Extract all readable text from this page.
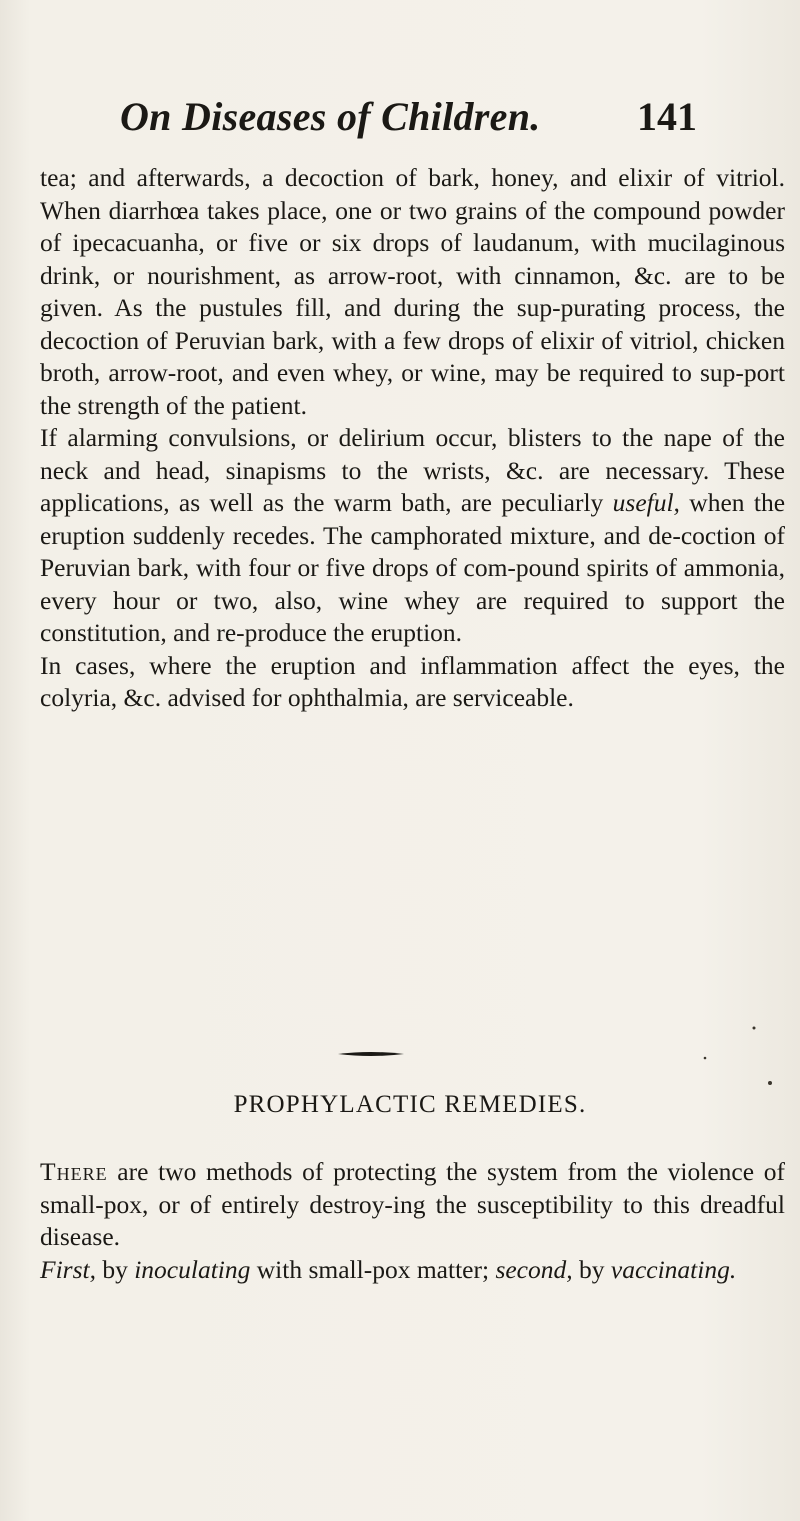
On Diseases of Children. 141

tea; and afterwards, a decoction of bark, honey, and elixir of vitriol. When diarrhœa takes place, one or two grains of the compound powder of ipecacuanha, or five or six drops of laudanum, with mucilaginous drink, or nourishment, as arrow-root, with cinnamon, &c. are to be given. As the pustules fill, and during the sup-purating process, the decoction of Peruvian bark, with a few drops of elixir of vitriol, chicken broth, arrow-root, and even whey, or wine, may be required to sup-port the strength of the patient.

If alarming convulsions, or delirium occur, blisters to the nape of the neck and head, sinapisms to the wrists, &c. are necessary. These applications, as well as the warm bath, are peculiarly useful, when the eruption suddenly recedes. The camphorated mixture, and de-coction of Peruvian bark, with four or five drops of com-pound spirits of ammonia, every hour or two, also, wine whey are required to support the constitution, and re-produce the eruption.

In cases, where the eruption and inflammation affect the eyes, the colyria, &c. advised for ophthalmia, are serviceable.

PROPHYLACTIC REMEDIES.

There are two methods of protecting the system from the violence of small-pox, or of entirely destroy-ing the susceptibility to this dreadful disease.

First, by inoculating with small-pox matter; second, by vaccinating.
